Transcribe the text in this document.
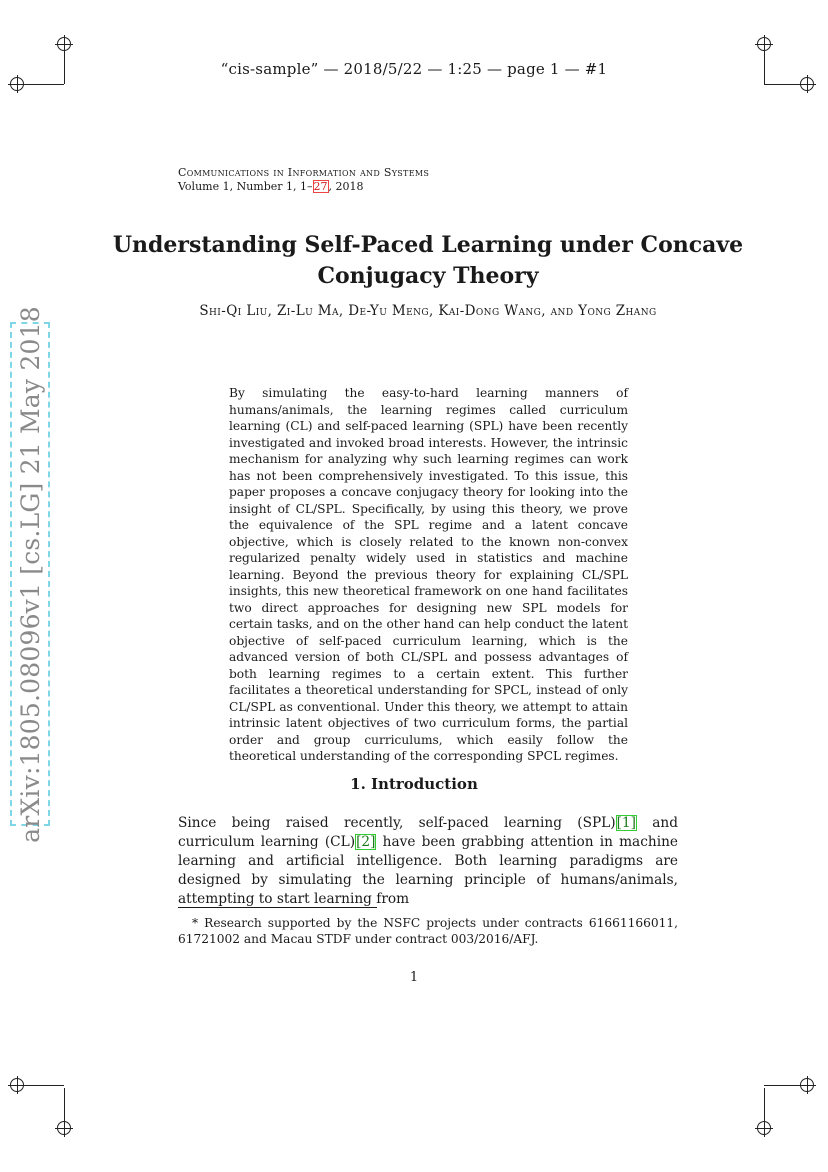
“cis-sample” — 2018/5/22 — 1:25 — page 1 — #1
Communications in Information and Systems
Volume 1, Number 1, 1–27, 2018
Understanding Self-Paced Learning under Concave Conjugacy Theory
Shi-Qi Liu, Zi-Lu Ma, De-Yu Meng, Kai-Dong Wang, and Yong Zhang
arXiv:1805.08096v1 [cs.LG] 21 May 2018	By simulating the easy-to-hard learning manners of humans/animals, the learning regimes called curriculum learning (CL) and self-paced learning (SPL) have been recently investigated and invoked broad interests. However, the intrinsic mechanism for analyzing why such learning regimes can work has not been comprehensively investigated. To this issue, this paper proposes a concave conjugacy theory for looking into the insight of CL/SPL. Specifically, by using this theory, we prove the equivalence of the SPL regime and a latent concave objective, which is closely related to the known non-convex regularized penalty widely used in statistics and machine learning. Beyond the previous theory for explaining CL/SPL insights, this new theoretical framework on one hand facilitates two direct approaches for designing new SPL models for certain tasks, and on the other hand can help conduct the latent objective of self-paced curriculum learning, which is the advanced version of both CL/SPL and possess advantages of both learning regimes to a certain extent. This further facilitates a theoretical understanding for SPCL, instead of only CL/SPL as conventional. Under this theory, we attempt to attain intrinsic latent objectives of two curriculum forms, the partial order and group curriculums, which easily follow the theoretical understanding of the corresponding SPCL regimes.
1. Introduction
Since being raised recently, self-paced learning (SPL)[1] and curriculum learning (CL)[2] have been grabbing attention in machine learning and artificial intelligence. Both learning paradigms are designed by simulating the learning principle of humans/animals, attempting to start learning from
* Research supported by the NSFC projects under contracts 61661166011, 61721002 and Macau STDF under contract 003/2016/AFJ.
1
